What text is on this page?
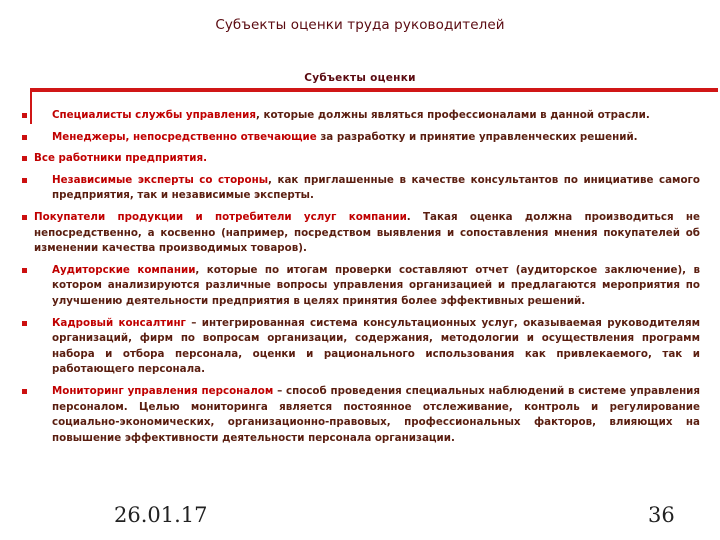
Субъекты оценки труда руководителей
Субъекты оценки
Специалисты службы управления, которые должны являться профессионалами в данной отрасли.
Менеджеры, непосредственно отвечающие за разработку и принятие управленческих решений.
Все работники предприятия.
Независимые эксперты со стороны, как приглашенные в качестве консультантов по инициативе самого предприятия, так и независимые эксперты.
Покупатели продукции и потребители услуг компании. Такая оценка должна производиться не непосредственно, а косвенно (например, посредством выявления и сопоставления мнения покупателей об изменении качества производимых товаров).
Аудиторские компании, которые по итогам проверки составляют отчет (аудиторское заключение), в котором анализируются различные вопросы управления организацией и предлагаются мероприятия по улучшению деятельности предприятия в целях принятия более эффективных решений.
Кадровый консалтинг – интегрированная система консультационных услуг, оказываемая руководителям организаций, фирм по вопросам организации, содержания, методологии и осуществления программ набора и отбора персонала, оценки и рационального использования как привлекаемого, так и работающего персонала.
Мониторинг управления персоналом – способ проведения специальных наблюдений в системе управления персоналом. Целью мониторинга является постоянное отслеживание, контроль и регулирование социально-экономических, организационно-правовых, профессиональных факторов, влияющих на повышение эффективности деятельности персонала организации.
26.01.17	36
